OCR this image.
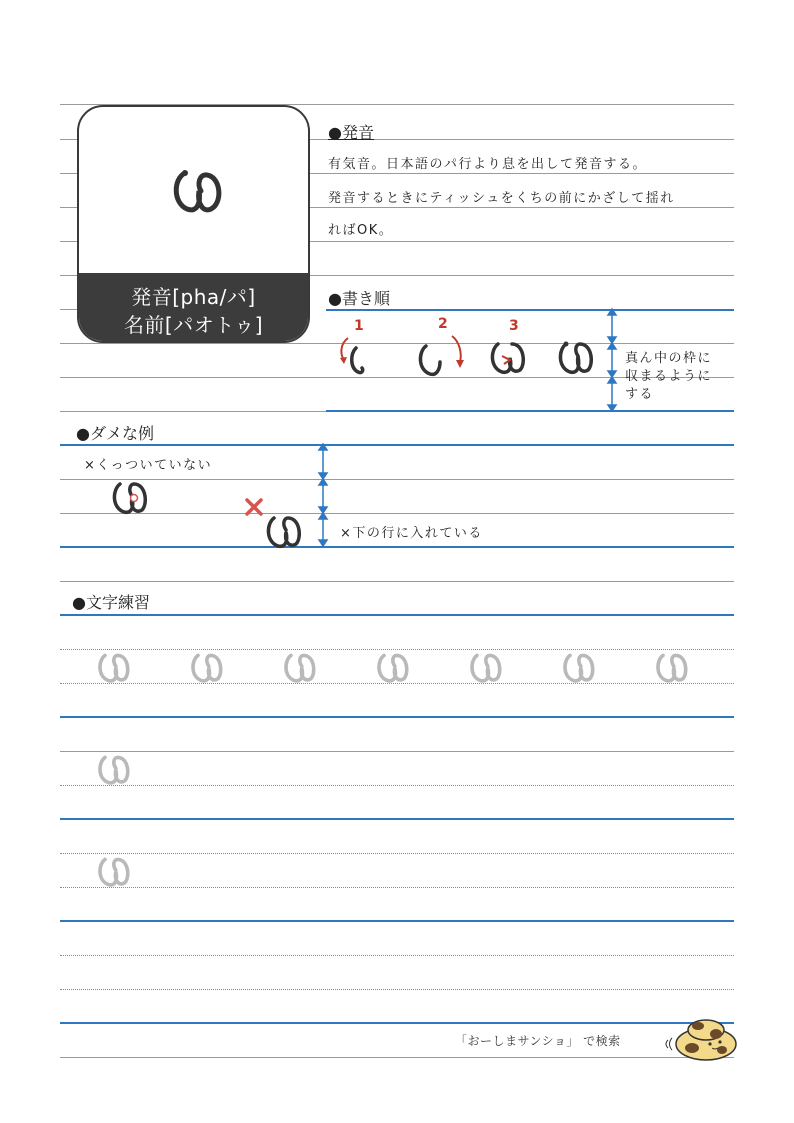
発音[pha/パ]
名前[パオトゥ]
●発音
有気音。日本語のパ行より息を出して発音する。
発音するときにティッシュをくちの前にかざして揺れ
ればOK。
●書き順
1	2	3
真ん中の枠に
収まるように
する
●ダメな例
×くっついていない
×下の行に入れている
●文字練習
「おーしまサンショ」 で検索
